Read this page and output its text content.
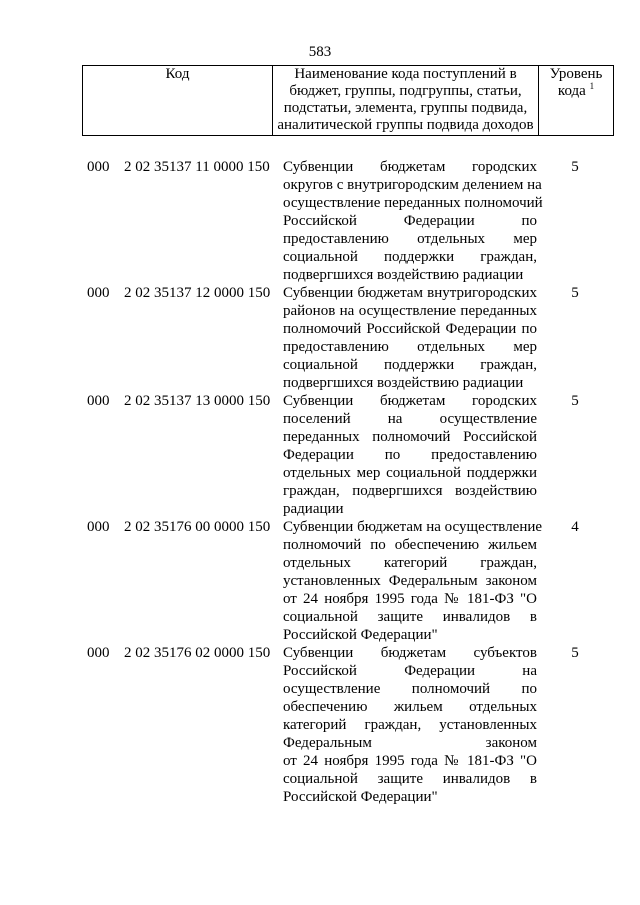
583
Код	Наименование кода поступлений в
бюджет, группы, подгруппы, статьи,
подстатьи, элемента, группы подвида,
аналитической группы подвида доходов
Уровень
кода $^1$
000 2 02 35137 11 0000 150 Субвенции бюджетам городских
округов с внутригородским делением на
осуществление переданных полномочий
Российской Федерации по
предоставлению отдельных мер
социальной поддержки граждан,
подвергшихся воздействию радиации
5
000 2 02 35137 12 0000 150 Субвенции бюджетам внутригородских
районов на осуществление переданных
полномочий Российской Федерации по
предоставлению отдельных мер
социальной поддержки граждан,
подвергшихся воздействию радиации
5
000 2 02 35137 13 0000 150 Субвенции бюджетам городских
поселений на осуществление
переданных полномочий Российской
Федерации по предоставлению
отдельных мер социальной поддержки
граждан, подвергшихся воздействию
радиации
5
000 2 02 35176 00 0000 150 Субвенции бюджетам на осуществление
полномочий по обеспечению жильем
отдельных категорий граждан,
установленных Федеральным законом
от 24 ноября 1995 года № 181-ФЗ "О
социальной защите инвалидов в
Российской Федерации"
4
000 2 02 35176 02 0000 150 Субвенции бюджетам субъектов
Российской Федерации на
осуществление полномочий по
обеспечению жильем отдельных
категорий граждан, установленных
Федеральным законом
от 24 ноября 1995 года № 181-ФЗ "О
социальной защите инвалидов в
Российской Федерации"
5
